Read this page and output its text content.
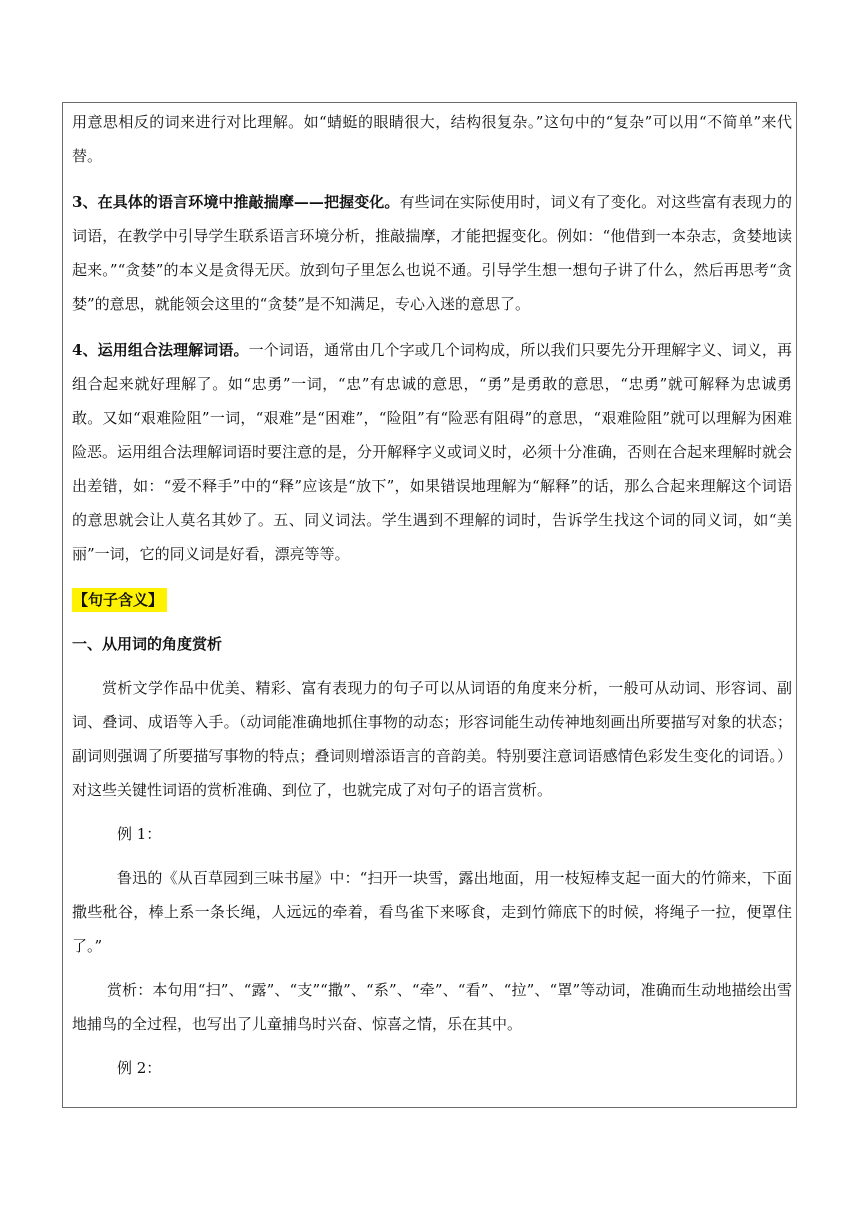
用意思相反的词来进行对比理解。如“蜻蜓的眼睛很大，结构很复杂。”这句中的“复杂”可以用“不简单”来代替。

3、在具体的语言环境中推敲揣摩——把握变化。有些词在实际使用时，词义有了变化。对这些富有表现力的词语，在教学中引导学生联系语言环境分析，推敲揣摩，才能把握变化。例如：“他借到一本杂志，贪婪地读起来。”“贪婪”的本义是贪得无厌。放到句子里怎么也说不通。引导学生想一想句子讲了什么，然后再思考“贪婪”的意思，就能领会这里的“贪婪”是不知满足，专心入迷的意思了。

4、运用组合法理解词语。一个词语，通常由几个字或几个词构成，所以我们只要先分开理解字义、词义，再组合起来就好理解了。如“忠勇”一词，“忠”有忠诚的意思，“勇”是勇敢的意思，“忠勇”就可解释为忠诚勇敢。又如“艰难险阻”一词，“艰难”是“困难”，“险阻”有“险恶有阻碍”的意思，“艰难险阻”就可以理解为困难险恶。运用组合法理解词语时要注意的是，分开解释字义或词义时，必须十分准确，否则在合起来理解时就会出差错，如：“爱不释手”中的“释”应该是“放下”，如果错误地理解为“解释”的话，那么合起来理解这个词语的意思就会让人莫名其妙了。五、同义词法。学生遇到不理解的词时，告诉学生找这个词的同义词，如“美丽”一词，它的同义词是好看，漂亮等等。

【句子含义】

一、从用词的角度赏析

赏析文学作品中优美、精彩、富有表现力的句子可以从词语的角度来分析，一般可从动词、形容词、副词、叠词、成语等入手。（动词能准确地抓住事物的动态；形容词能生动传神地刻画出所要描写对象的状态；副词则强调了所要描写事物的特点；叠词则增添语言的音韵美。特别要注意词语感情色彩发生变化的词语。）对这些关键性词语的赏析准确、到位了，也就完成了对句子的语言赏析。

例 1：

鲁迅的《从百草园到三味书屋》中：“扫开一块雪，露出地面，用一枝短棒支起一面大的竹筛来，下面撒些秕谷，棒上系一条长绳，人远远的牵着，看鸟雀下来啄食，走到竹筛底下的时候，将绳子一拉，便罩住了。”

赏析：本句用“扫”、“露”、“支”“撒”、“系”、“牵”、“看”、“拉”、“罩”等动词，准确而生动地描绘出雪地捕鸟的全过程，也写出了儿童捕鸟时兴奋、惊喜之情，乐在其中。

例 2：
